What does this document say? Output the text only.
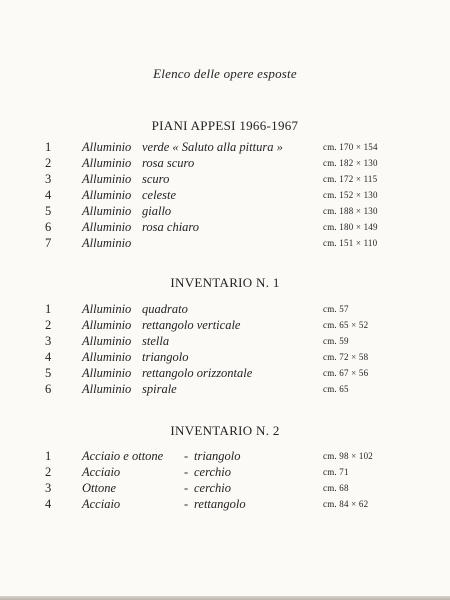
Elenco delle opere esposte
PIANI APPESI 1966-1967
1 Alluminio verde « Saluto alla pittura »	cm. 170 × 154
2 Alluminio rosa scuro	cm. 182 × 130
3 Alluminio scuro	cm. 172 × 115
4 Alluminio celeste	cm. 152 × 130
5 Alluminio giallo	cm. 188 × 130
6 Alluminio rosa chiaro	cm. 180 × 149
7 Alluminio	cm. 151 × 110
INVENTARIO N. 1
1 Alluminio quadrato	cm. 57
2 Alluminio rettangolo verticale	cm. 65 × 52
3 Alluminio stella	cm. 59
4 Alluminio triangolo	cm. 72 × 58
5 Alluminio rettangolo orizzontale	cm. 67 × 56
6 Alluminio spirale	cm. 65
INVENTARIO N. 2
1 Acciaio e ottone - triangolo	cm. 98 × 102
2 Acciaio	- cerchio	cm. 71
3 Ottone	- cerchio	cm. 68
4 Acciaio	- rettangolo	cm. 84 × 62
